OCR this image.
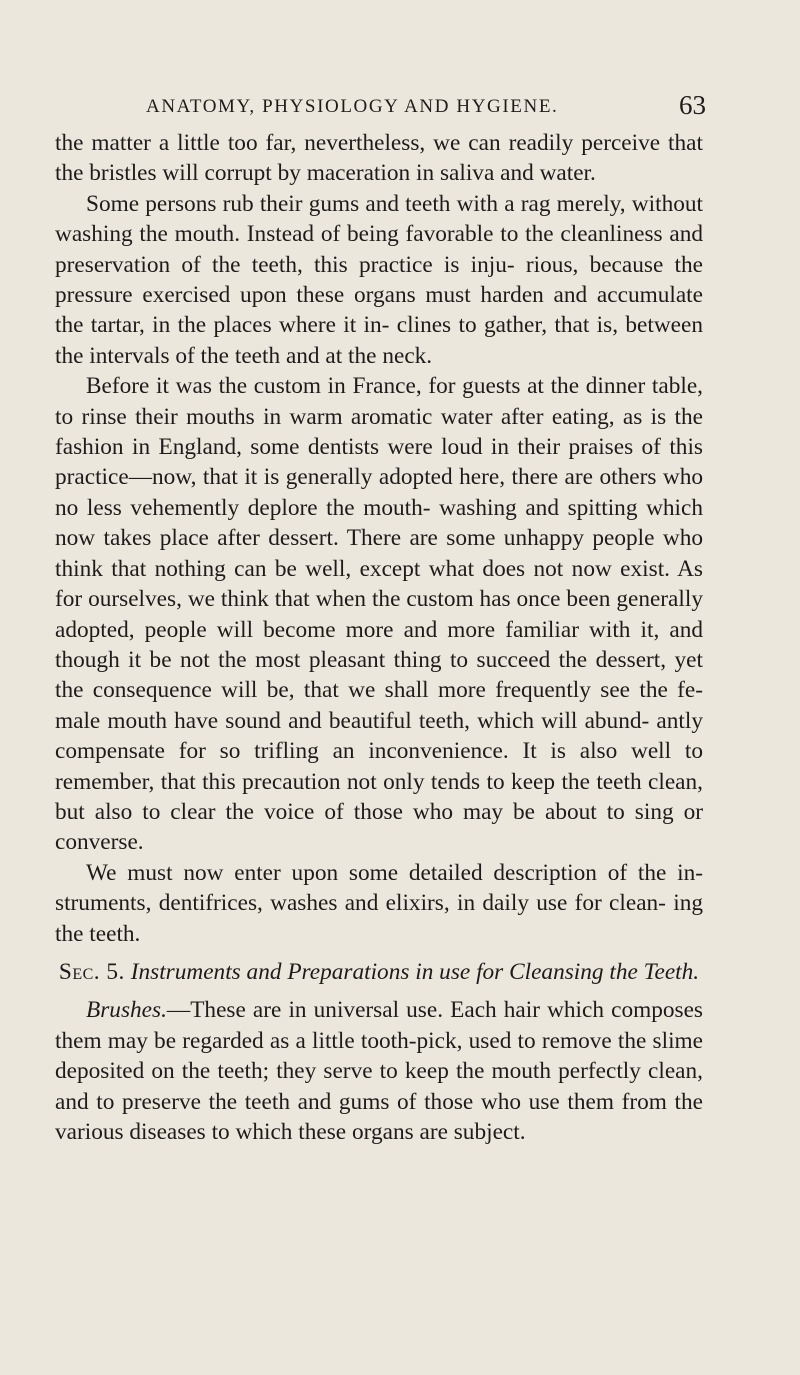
ANATOMY, PHYSIOLOGY AND HYGIENE.	63

the matter a little too far, nevertheless, we can readily perceive that the bristles will corrupt by maceration in saliva and water.

Some persons rub their gums and teeth with a rag merely, without washing the mouth. Instead of being favorable to the cleanliness and preservation of the teeth, this practice is inju- rious, because the pressure exercised upon these organs must harden and accumulate the tartar, in the places where it in- clines to gather, that is, between the intervals of the teeth and at the neck.

Before it was the custom in France, for guests at the dinner table, to rinse their mouths in warm aromatic water after eating, as is the fashion in England, some dentists were loud in their praises of this practice—now, that it is generally adopted here, there are others who no less vehemently deplore the mouth- washing and spitting which now takes place after dessert. There are some unhappy people who think that nothing can be well, except what does not now exist. As for ourselves, we think that when the custom has once been generally adopted, people will become more and more familiar with it, and though it be not the most pleasant thing to succeed the dessert, yet the consequence will be, that we shall more frequently see the fe- male mouth have sound and beautiful teeth, which will abund- antly compensate for so trifling an inconvenience. It is also well to remember, that this precaution not only tends to keep the teeth clean, but also to clear the voice of those who may be about to sing or converse.

We must now enter upon some detailed description of the in- struments, dentifrices, washes and elixirs, in daily use for clean- ing the teeth.

Sec. 5. Instruments and Preparations in use for Cleansing the Teeth.

Brushes.—These are in universal use. Each hair which composes them may be regarded as a little tooth-pick, used to remove the slime deposited on the teeth; they serve to keep the mouth perfectly clean, and to preserve the teeth and gums of those who use them from the various diseases to which these organs are subject.
